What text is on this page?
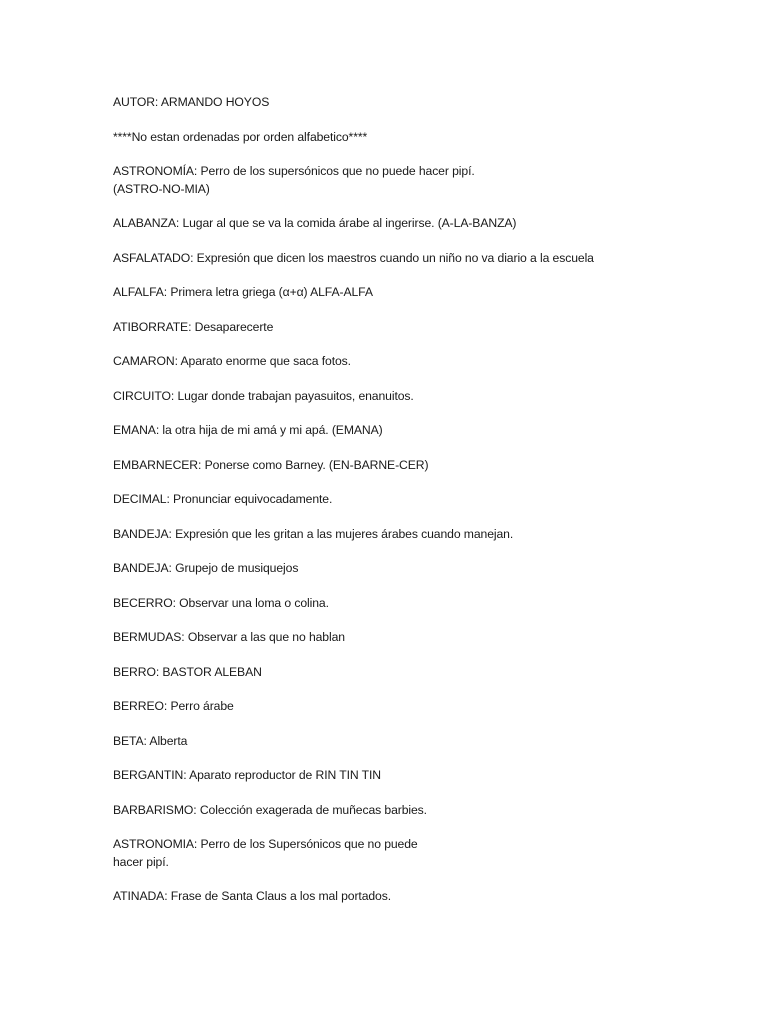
AUTOR: ARMANDO HOYOS

****No estan ordenadas por orden alfabetico****

ASTRONOMÍA: Perro de los supersónicos que no puede hacer pipí.

(ASTRO-NO-MIA)

ALABANZA: Lugar al que se va la comida árabe al ingerirse. (A-LA-BANZA)

ASFALATADO: Expresión que dicen los maestros cuando un niño no va diario a la escuela

ALFALFA: Primera letra griega (α+α) ALFA-ALFA

ATIBORRATE: Desaparecerte

CAMARON: Aparato enorme que saca fotos.

CIRCUITO: Lugar donde trabajan payasuitos, enanuitos.

EMANA: la otra hija de mi amá y mi apá. (EMANA)

EMBARNECER: Ponerse como Barney. (EN-BARNE-CER)

DECIMAL: Pronunciar equivocadamente.

BANDEJA: Expresión que les gritan a las mujeres árabes cuando manejan.

BANDEJA: Grupejo de musiquejos

BECERRO: Observar una loma o colina.

BERMUDAS: Observar a las que no hablan

BERRO: BASTOR ALEBAN

BERREO: Perro árabe

BETA: Alberta

BERGANTIN: Aparato reproductor de RIN TIN TIN

BARBARISMO: Colección exagerada de muñecas barbies.

ASTRONOMIA: Perro de los Supersónicos que no puede

hacer pipí.

ATINADA: Frase de Santa Claus a los mal portados.
